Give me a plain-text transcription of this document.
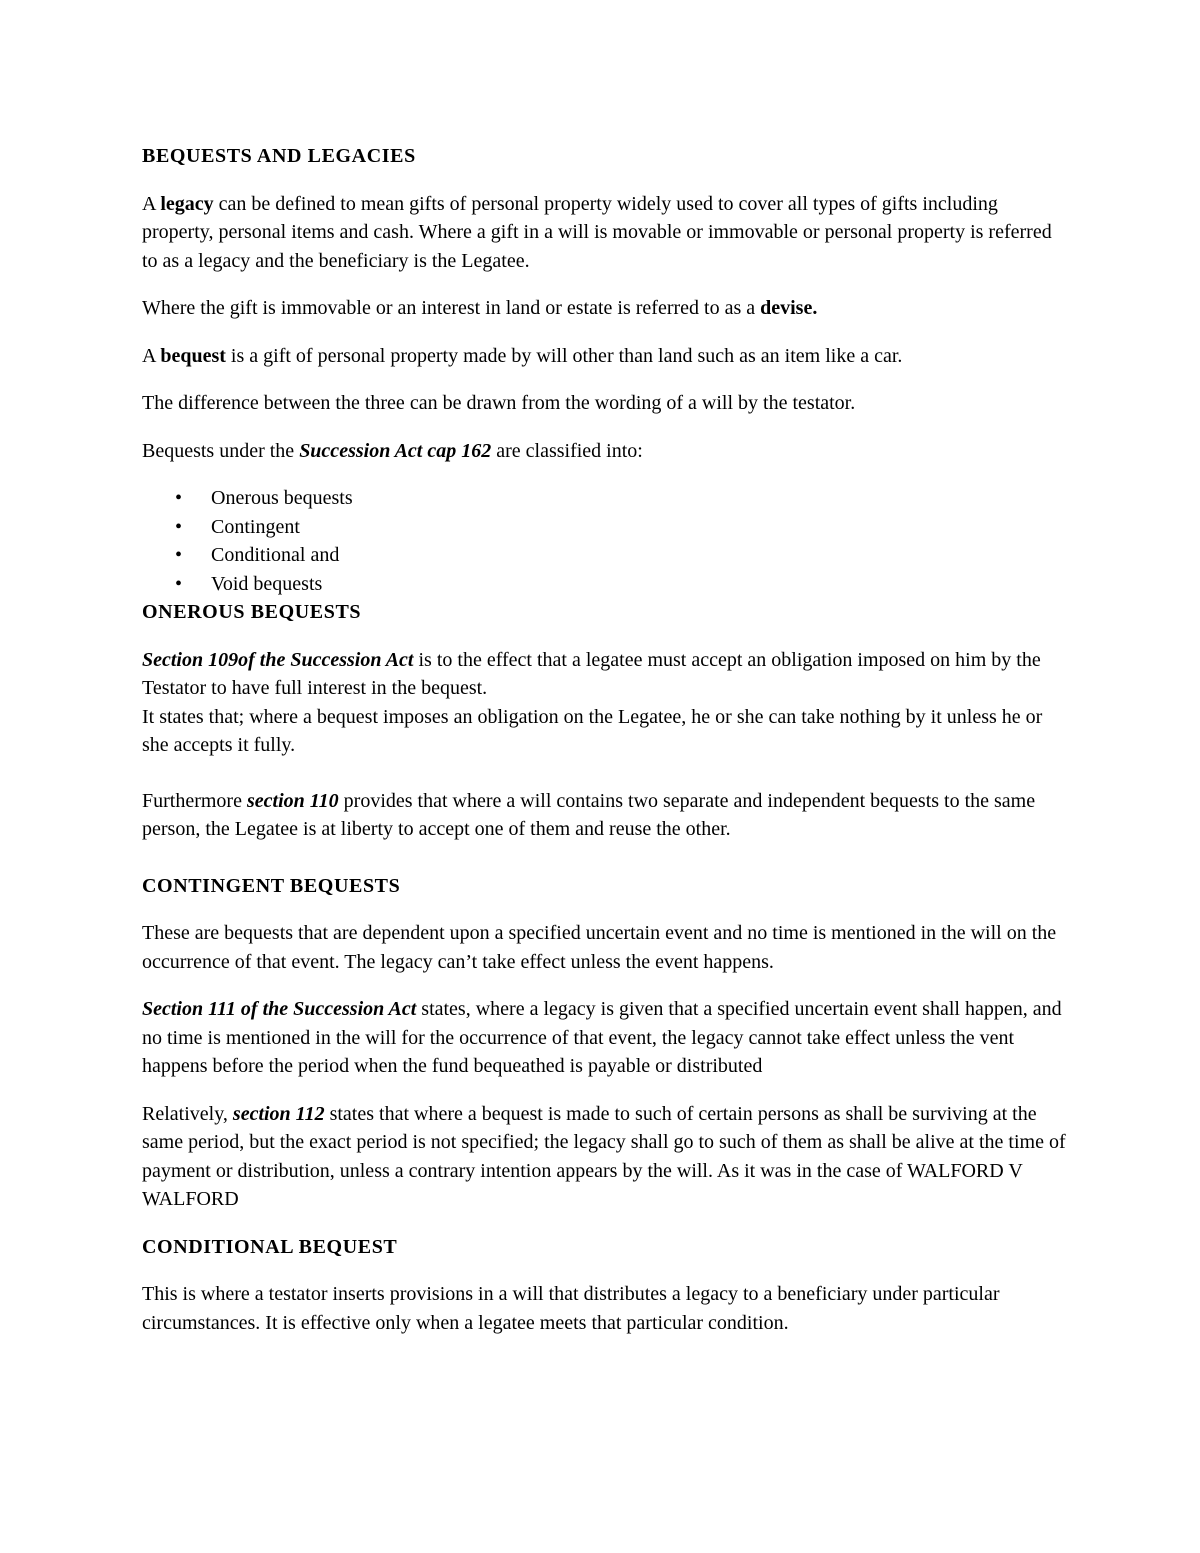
BEQUESTS AND LEGACIES

A legacy can be defined to mean gifts of personal property widely used to cover all types of gifts including property, personal items and cash. Where a gift in a will is movable or immovable or personal property is referred to as a legacy and the beneficiary is the Legatee.

Where the gift is immovable or an interest in land or estate is referred to as a devise.

A bequest is a gift of personal property made by will other than land such as an item like a car.

The difference between the three can be drawn from the wording of a will by the testator.

Bequests under the Succession Act cap 162 are classified into:

• Onerous bequests
• Contingent
• Conditional and
• Void bequests

ONEROUS BEQUESTS

Section 109of the Succession Act is to the effect that a legatee must accept an obligation imposed on him by the Testator to have full interest in the bequest.

It states that; where a bequest imposes an obligation on the Legatee, he or she can take nothing by it unless he or she accepts it fully.

Furthermore section 110 provides that where a will contains two separate and independent bequests to the same person, the Legatee is at liberty to accept one of them and reuse the other.

CONTINGENT BEQUESTS

These are bequests that are dependent upon a specified uncertain event and no time is mentioned in the will on the occurrence of that event. The legacy can’t take effect unless the event happens.

Section 111 of the Succession Act states, where a legacy is given that a specified uncertain event shall happen, and no time is mentioned in the will for the occurrence of that event, the legacy cannot take effect unless the vent happens before the period when the fund bequeathed is payable or distributed

Relatively, section 112 states that where a bequest is made to such of certain persons as shall be surviving at the same period, but the exact period is not specified; the legacy shall go to such of them as shall be alive at the time of payment or distribution, unless a contrary intention appears by the will. As it was in the case of WALFORD V WALFORD

CONDITIONAL BEQUEST

This is where a testator inserts provisions in a will that distributes a legacy to a beneficiary under particular circumstances. It is effective only when a legatee meets that particular condition.
